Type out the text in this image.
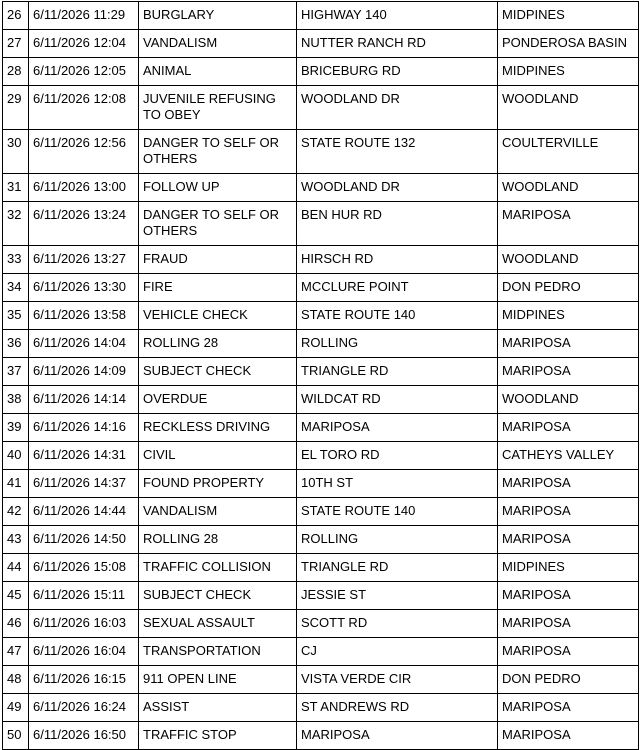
26	6/11/2026 11:29	BURGLARY	HIGHWAY 140	MIDPINES
27	6/11/2026 12:04	VANDALISM	NUTTER RANCH RD	PONDEROSA BASIN
28	6/11/2026 12:05	ANIMAL	BRICEBURG RD	MIDPINES
29	6/11/2026 12:08	JUVENILE REFUSING TO OBEY	WOODLAND DR	WOODLAND
30	6/11/2026 12:56	DANGER TO SELF OR OTHERS	STATE ROUTE 132	COULTERVILLE
31	6/11/2026 13:00	FOLLOW UP	WOODLAND DR	WOODLAND
32	6/11/2026 13:24	DANGER TO SELF OR OTHERS	BEN HUR RD	MARIPOSA
33	6/11/2026 13:27	FRAUD	HIRSCH RD	WOODLAND
34	6/11/2026 13:30	FIRE	MCCLURE POINT	DON PEDRO
35	6/11/2026 13:58	VEHICLE CHECK	STATE ROUTE 140	MIDPINES
36	6/11/2026 14:04	ROLLING 28	ROLLING	MARIPOSA
37	6/11/2026 14:09	SUBJECT CHECK	TRIANGLE RD	MARIPOSA
38	6/11/2026 14:14	OVERDUE	WILDCAT RD	WOODLAND
39	6/11/2026 14:16	RECKLESS DRIVING	MARIPOSA	MARIPOSA
40	6/11/2026 14:31	CIVIL	EL TORO RD	CATHEYS VALLEY
41	6/11/2026 14:37	FOUND PROPERTY	10TH ST	MARIPOSA
42	6/11/2026 14:44	VANDALISM	STATE ROUTE 140	MARIPOSA
43	6/11/2026 14:50	ROLLING 28	ROLLING	MARIPOSA
44	6/11/2026 15:08	TRAFFIC COLLISION	TRIANGLE RD	MIDPINES
45	6/11/2026 15:11	SUBJECT CHECK	JESSIE ST	MARIPOSA
46	6/11/2026 16:03	SEXUAL ASSAULT	SCOTT RD	MARIPOSA
47	6/11/2026 16:04	TRANSPORTATION	CJ	MARIPOSA
48	6/11/2026 16:15	911 OPEN LINE	VISTA VERDE CIR	DON PEDRO
49	6/11/2026 16:24	ASSIST	ST ANDREWS RD	MARIPOSA
50	6/11/2026 16:50	TRAFFIC STOP	MARIPOSA	MARIPOSA
